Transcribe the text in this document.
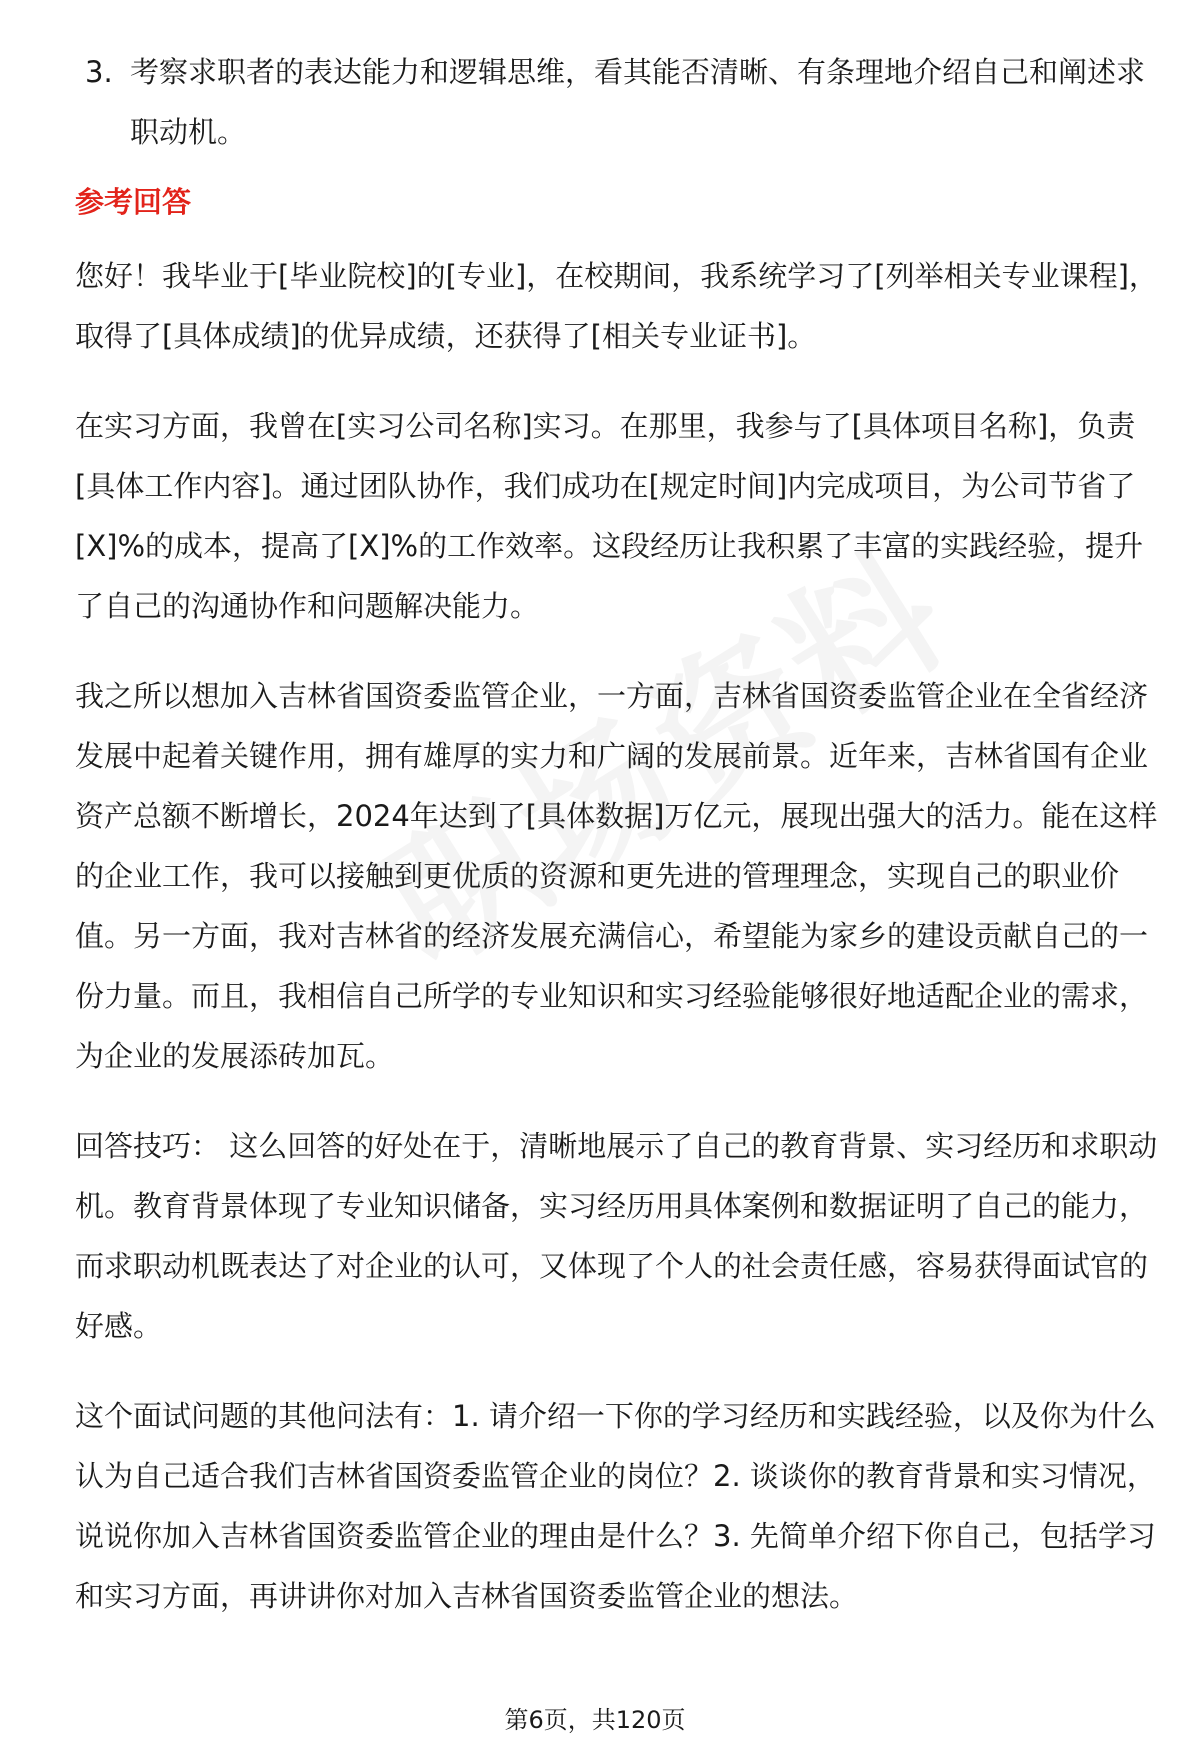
3. 考察求职者的表达能力和逻辑思维，看其能否清晰、有条理地介绍自己和阐述求职动机。
参考回答

您好！我毕业于[毕业院校]的[专业]，在校期间，我系统学习了[列举相关专业课程]，取得了[具体成绩]的优异成绩，还获得了[相关专业证书]。

在实习方面，我曾在[实习公司名称]实习。在那里，我参与了[具体项目名称]，负责[具体工作内容]。通过团队协作，我们成功在[规定时间]内完成项目，为公司节省了[X]%的成本，提高了[X]%的工作效率。这段经历让我积累了丰富的实践经验，提升了自己的沟通协作和问题解决能力。

我之所以想加入吉林省国资委监管企业，一方面，吉林省国资委监管企业在全省经济发展中起着关键作用，拥有雄厚的实力和广阔的发展前景。近年来，吉林省国有企业资产总额不断增长，2024年达到了[具体数据]万亿元，展现出强大的活力。能在这样的企业工作，我可以接触到更优质的资源和更先进的管理理念，实现自己的职业价值。另一方面，我对吉林省的经济发展充满信心，希望能为家乡的建设贡献自己的一份力量。而且，我相信自己所学的专业知识和实习经验能够很好地适配企业的需求，为企业的发展添砖加瓦。

回答技巧： 这么回答的好处在于，清晰地展示了自己的教育背景、实习经历和求职动机。教育背景体现了专业知识储备，实习经历用具体案例和数据证明了自己的能力，而求职动机既表达了对企业的认可，又体现了个人的社会责任感，容易获得面试官的好感。

这个面试问题的其他问法有：1. 请介绍一下你的学习经历和实践经验，以及你为什么认为自己适合我们吉林省国资委监管企业的岗位？2. 谈谈你的教育背景和实习情况，说说你加入吉林省国资委监管企业的理由是什么？3. 先简单介绍下你自己，包括学习和实习方面，再讲讲你对加入吉林省国资委监管企业的想法。

第6页，共120页
